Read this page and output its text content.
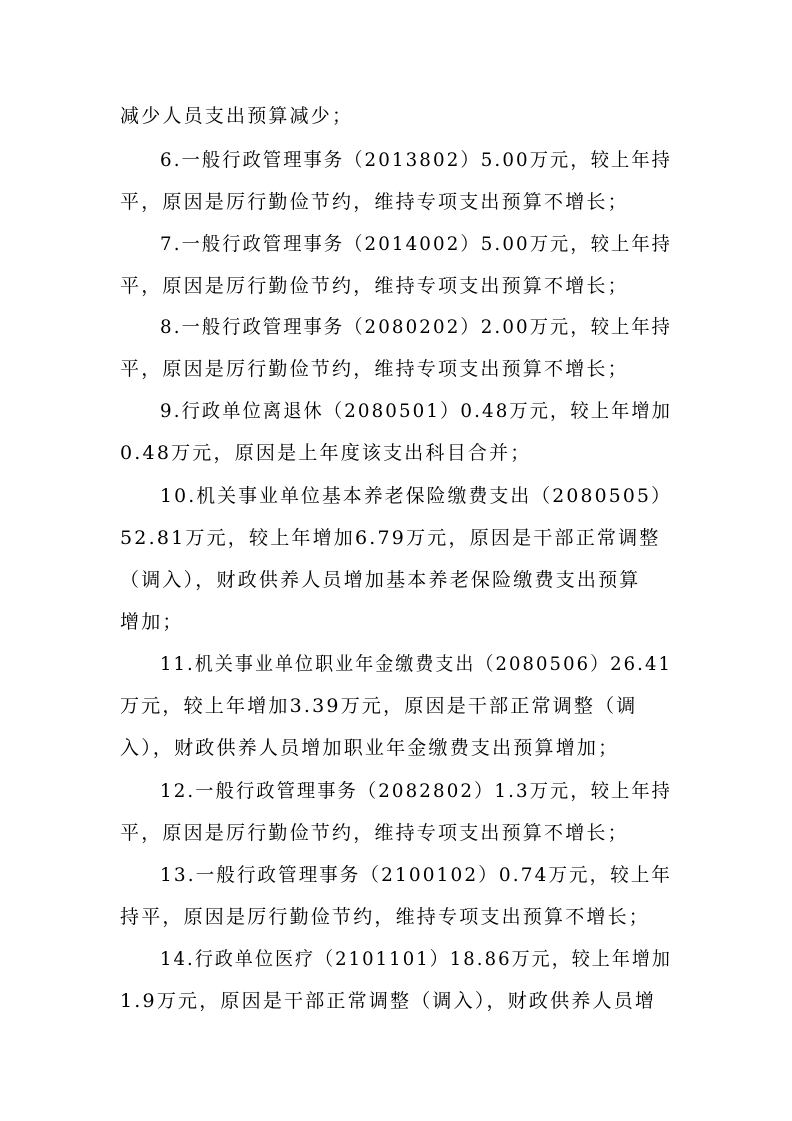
减少人员支出预算减少；
6.一般行政管理事务（2013802）5.00万元，较上年持
平，原因是厉行勤俭节约，维持专项支出预算不增长；
7.一般行政管理事务（2014002）5.00万元，较上年持
平，原因是厉行勤俭节约，维持专项支出预算不增长；
8.一般行政管理事务（2080202）2.00万元，较上年持
平，原因是厉行勤俭节约，维持专项支出预算不增长；
9.行政单位离退休（2080501）0.48万元，较上年增加
0.48万元，原因是上年度该支出科目合并；
10.机关事业单位基本养老保险缴费支出（2080505）
52.81万元，较上年增加6.79万元，原因是干部正常调整
（调入），财政供养人员增加基本养老保险缴费支出预算
增加；
11.机关事业单位职业年金缴费支出（2080506）26.41
万元，较上年增加3.39万元，原因是干部正常调整（调
入），财政供养人员增加职业年金缴费支出预算增加；
12.一般行政管理事务（2082802）1.3万元，较上年持
平，原因是厉行勤俭节约，维持专项支出预算不增长；
13.一般行政管理事务（2100102）0.74万元，较上年
持平，原因是厉行勤俭节约，维持专项支出预算不增长；
14.行政单位医疗（2101101）18.86万元，较上年增加
1.9万元，原因是干部正常调整（调入），财政供养人员增
